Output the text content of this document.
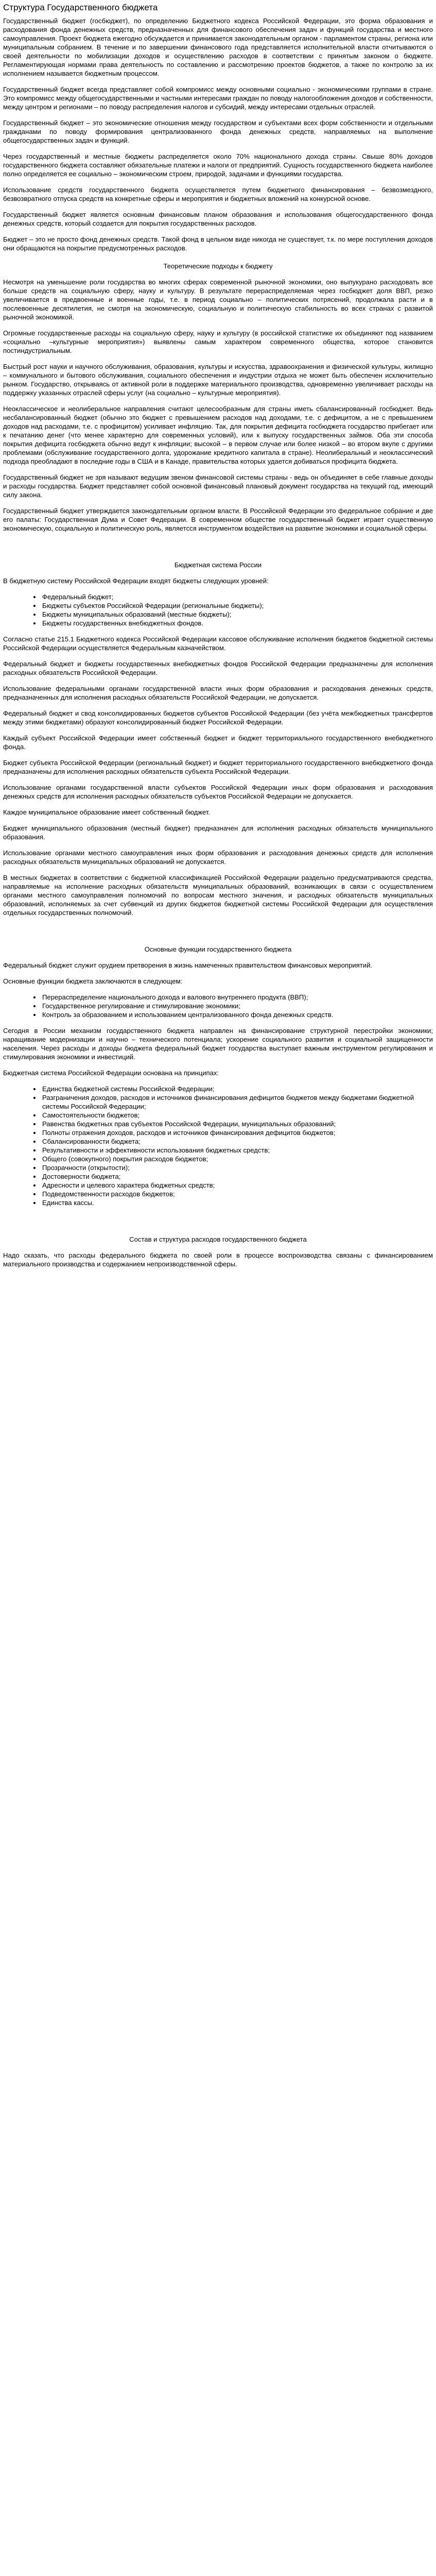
Структура Государственного бюджета

Государственный бюджет (госбюджет), по определению Бюджетного кодекса Российской Федерации, это форма образования и расходования фонда денежных средств, предназначенных для финансового обеспечения задач и функций государства и местного самоуправления. Проект бюджета ежегодно обсуждается и принимается законодательным органом - парламентом страны, региона или муниципальным собранием. В течение и по завершении финансового года представляется исполнительной власти отчитываются о своей деятельности по мобилизации доходов и осуществлению расходов в соответствии с принятым законом о бюджете. Регламентирующая нормами права деятельность по составлению и рассмотрению проектов бюджетов, а также по контролю за их исполнением называется бюджетным процессом.

Государственный бюджет всегда представляет собой компромисс между основными социально - экономическими группами в стране. Это компромисс между общегосударственными и частными интересами граждан по поводу налогообложения доходов и собственности, между центром и регионами – по поводу распределения налогов и субсидий, между интересами отдельных отраслей.

Государственный бюджет – это экономические отношения между государством и субъектами всех форм собственности и отдельными гражданами по поводу формирования централизованного фонда денежных средств, направляемых на выполнение общегосударственных задач и функций.

Через государственный и местные бюджеты распределяется около 70% национального дохода страны. Свыше 80% доходов государственного бюджета составляют обязательные платежи и налоги от предприятий. Сущность государственного бюджета наиболее полно определяется ее социально – экономическим строем, природой, задачами и функциями государства.

Использование средств государственного бюджета осуществляется путем бюджетного финансирования – безвозмездного, безвозвратного отпуска средств на конкретные сферы и мероприятия и бюджетных вложений на конкурсной основе.

Государственный бюджет является основным финансовым планом образования и использования общегосударственного фонда денежных средств, который создается для покрытия государственных расходов.

Бюджет – это не просто фонд денежных средств. Такой фонд в цельном виде никогда не существует, т.к. по мере поступления доходов они обращаются на покрытие предусмотренных расходов.

Теоретические подходы к бюджету

Несмотря на уменьшение роли государства во многих сферах современной рыночной экономики, оно выпукурано расходовать все больше средств на социальную сферу, науку и культуру. В результате перераспределяемая через госбюджет доля ВВП, резко увеличивается в предвоенные и военные годы, т.е. в период социально – политических потрясений, продолжала расти и в послевоенные десятилетия, не смотря на экономическую, социальную и политическую стабильность во всех странах с развитой рыночной экономикой.

Огромные государственные расходы на социальную сферу, науку и культуру (в российской статистике их объединяют под названием «социально –культурные мероприятия») выявлены самым характером современного общества, которое становится постиндустриальным.

Быстрый рост науки и научного обслуживания, образования, культуры и искусства, здравоохранения и физической культуры, жилищно – коммунального и бытового обслуживания, социального обеспечения и индустрии отдыха не может быть обеспечен исключительно рынком. Государство, открываясь от активной роли в поддержке материального производства, одновременно увеличивает расходы на поддержку указанных отраслей сферы услуг (на социально – культурные мероприятия).

Неоклассическое и неолиберальное направления считают целесообразным для страны иметь сбалансированный госбюджет. Ведь несбалансированный бюджет (обычно это бюджет с превышением расходов над доходами, т.е. с дефицитом, а не с превышением доходов над расходами, т.е. с профицитом) усиливает инфляцию. Так, для покрытия дефицита госбюджета государство прибегает или к печатанию денег (что менее характерно для современных условий), или к выпуску государственных займов. Оба эти способа покрытия дефицита госбюджета обычно ведут к инфляции; высокой – в первом случае или более низкой – во втором вкупе с другими проблемами (обслуживание государственного долга, удорожание кредитного капитала в стране). Неолиберальный и неоклассический подхода преобладают в последние годы в США и в Канаде, правительства которых удается добиваться профицита бюджета.

Государственный бюджет не зря называют ведущим звеном финансовой системы страны - ведь он объединяет в себе главные доходы и расходы государства. Бюджет представляет собой основной финансовый плановый документ государства на текущий год, имеющий силу закона.

Государственный бюджет утверждается законодательным органом власти. В Российской Федерации это федеральное собрание и две его палаты: Государственная Дума и Совет Федерации. В современном обществе государственный бюджет играет существенную экономическую, социальную и политическую роль, являетсся инструментом воздействия на развитие экономики и социальной сферы.

Бюджетная система России

В бюджетную систему Российской Федерации входят бюджеты следующих уровней:

• Федеральный бюджет;
• Бюджеты субъектов Российской Федерации (региональные бюджеты);
• Бюджеты муниципальных образований (местные бюджеты);
• Бюджеты государственных внебюджетных фондов.

Согласно статье 215.1 Бюджетного кодекса Российской Федерации кассовое обслуживание исполнения бюджетов бюджетной системы Российской Федерации осуществляется Федеральным казначейством.

Федеральный бюджет и бюджеты государственных внебюджетных фондов Российской Федерации предназначены для исполнения расходных обязательств Российской Федерации.

Использование федеральными органами государственной власти иных форм образования и расходования денежных средств, предназначенных для исполнения расходных обязательств Российской Федерации, не допускается.

Федеральный бюджет и свод консолидированных бюджетов субъектов Российской Федерации (без учёта межбюджетных трансфертов между этими бюджетами) образуют консолидированный бюджет Российской Федерации.

Каждый субъект Российской Федерации имеет собственный бюджет и бюджет территориального государственного внебюджетного фонда.

Бюджет субъекта Российской Федерации (региональный бюджет) и бюджет территориального государственного внебюджетного фонда предназначены для исполнения расходных обязательств субъекта Российской Федерации.

Использование органами государственной власти субъектов Российской Федерации иных форм образования и расходования денежных средств для исполнения расходных обязательств субъектов Российской Федерации не допускается.

Каждое муниципальное образование имеет собственный бюджет.

Бюджет муниципального образования (местный бюджет) предназначен для исполнения расходных обязательств муниципального образования.

Использование органами местного самоуправления иных форм образования и расходования денежных средств для исполнения расходных обязательств муниципальных образований не допускается.

В местных бюджетах в соответствии с бюджетной классификацией Российской Федерации раздельно предусматриваются средства, направляемые на исполнение расходных обязательств муниципальных образований, возникающих в связи с осуществлением органами местного самоуправления полномочий по вопросам местного значения, и расходных обязательств муниципальных образований, исполняемых за счет субвенций из других бюджетов бюджетной системы Российской Федерации для осуществления отдельных государственных полномочий.

Основные функции государственного бюджета

Федеральный бюджет служит орудием претворения в жизнь намеченных правительством финансовых мероприятий.

Основные функции бюджета заключаются в следующем:

• Перераспределение национального дохода и валового внутреннего продукта (ВВП);
• Государственное регулирование и стимулирование экономики;
• Контроль за образованием и использованием централизованного фонда денежных средств.

Сегодня в России механизм государственного бюджета направлен на финансирование структурной перестройки экономики; наращивание модернизации и научно – технического потенциала; ускорение социального развития и социальной защищенности населения. Через расходы и доходы бюджета федеральный бюджет государства выступает важным инструментом регулирования и стимулирования экономики и инвестиций.

Бюджетная система Российской Федерации основана на принципах:

• Единства бюджетной системы Российской Федерации;
• Разграничения доходов, расходов и источников финансирования дефицитов бюджетов между бюджетами бюджетной системы Российской Федерации;
• Самостоятельности бюджетов;
• Равенства бюджетных прав субъектов Российской Федерации, муниципальных образований;
• Полноты отражения доходов, расходов и источников финансирования дефицитов бюджетов;
• Сбалансированности бюджета;
• Результативности и эффективности использования бюджетных средств;
• Общего (совокупного) покрытия расходов бюджетов;
• Прозрачности (открытости);
• Достоверности бюджета;
• Адресности и целевого характера бюджетных средств;
• Подведомственности расходов бюджетов;
• Единства кассы.
Состав и структура расходов государственного бюджета

Надо сказать, что расходы федерального бюджета по своей роли в процессе воспроизводства связаны с финансированием материального производства и содержанием непроизводственной сферы.
